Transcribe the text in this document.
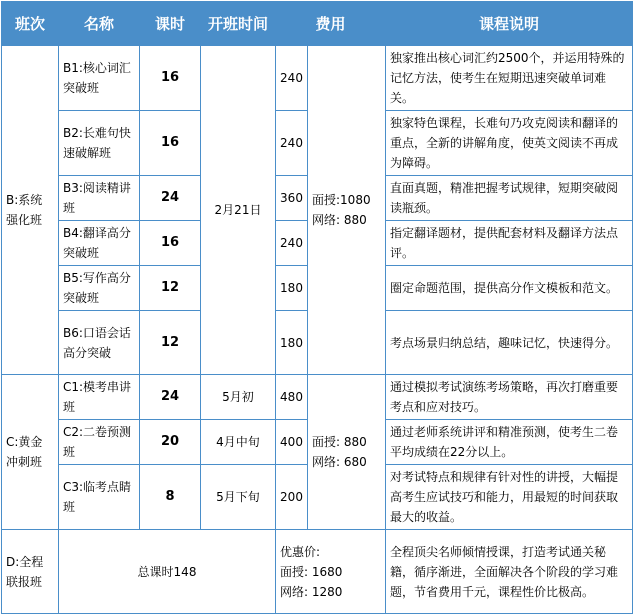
班次	名称	课时	开班时间	费用		课程说明
B:系统强化班	B1:核心词汇突破班	16	2月21日	240	面授:1080
网络: 880	独家推出核心词汇约2500个，并运用特殊的记忆方法，使考生在短期迅速突破单词难关。
	B2:长难句快速破解班	16		240		独家特色课程，长难句乃攻克阅读和翻译的重点，全新的讲解角度，使英文阅读不再成为障碍。
	B3:阅读精讲班	24		360		直面真题，精准把握考试规律，短期突破阅读瓶颈。
	B4:翻译高分突破班	16		240		指定翻译题材，提供配套材料及翻译方法点评。
	B5:写作高分突破班	12		180		圈定命题范围，提供高分作文模板和范文。
	B6:口语会话高分突破	12		180		考点场景归纳总结，趣味记忆，快速得分。
C:黄金冲刺班	C1:模考串讲班	24	5月初	480	面授: 880
网络: 680	通过模拟考试演练考场策略，再次打磨重要考点和应对技巧。
	C2:二卷预测班	20	4月中旬	400		通过老师系统讲评和精准预测，使考生二卷平均成绩在22分以上。
	C3:临考点睛班	8	5月下旬	200		对考试特点和规律有针对性的讲授，大幅提高考生应试技巧和能力，用最短的时间获取最大的收益。
D:全程联报班	总课时148			优惠价:
面授: 1680
网络: 1280		全程顶尖名师倾情授课，打造考试通关秘籍，循序渐进，全面解决各个阶段的学习难题，节省费用千元，课程性价比极高。
